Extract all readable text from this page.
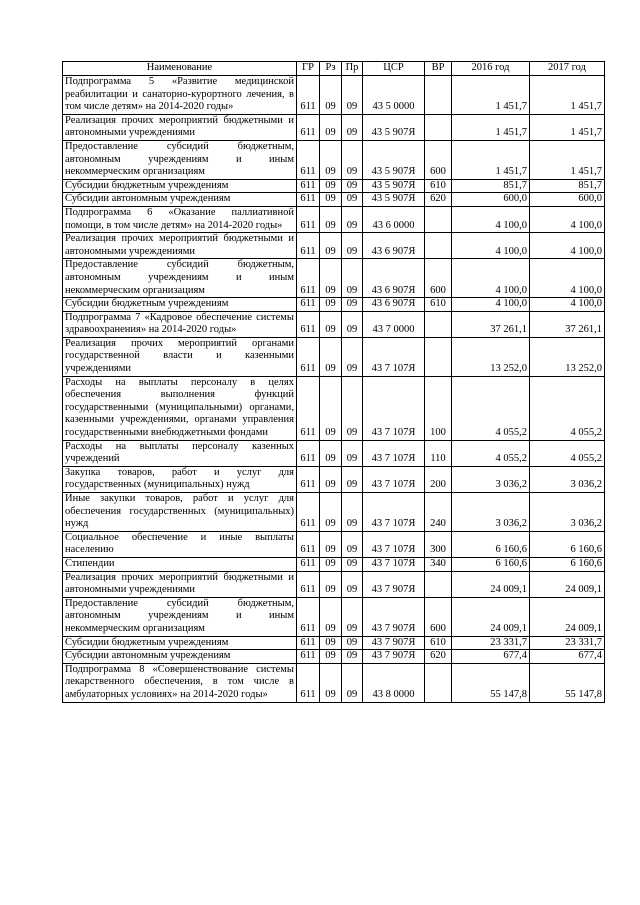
Наименование	ГР	Рз	Пр	ЦСР	ВР	2016 год	2017 год
Подпрограмма 5 «Развитие медицинской реабилитации и санаторно-курортного лечения, в том числе детям» на 2014-2020 годы»	611	09	09	43 5 0000		1 451,7	1 451,7
Реализация прочих мероприятий бюджетными и автономными учреждениями	611	09	09	43 5 907Я		1 451,7	1 451,7
Предоставление субсидий бюджетным, автономным учреждениям и иным некоммерческим организациям	611	09	09	43 5 907Я	600	1 451,7	1 451,7
Субсидии бюджетным учреждениям	611	09	09	43 5 907Я	610	851,7	851,7
Субсидии автономным учреждениям	611	09	09	43 5 907Я	620	600,0	600,0
Подпрограмма 6 «Оказание паллиативной помощи, в том числе детям» на 2014-2020 годы»	611	09	09	43 6 0000		4 100,0	4 100,0
Реализация прочих мероприятий бюджетными и автономными учреждениями	611	09	09	43 6 907Я		4 100,0	4 100,0
Предоставление субсидий бюджетным, автономным учреждениям и иным некоммерческим организациям	611	09	09	43 6 907Я	600	4 100,0	4 100,0
Субсидии бюджетным учреждениям	611	09	09	43 6 907Я	610	4 100,0	4 100,0
Подпрограмма 7 «Кадровое обеспечение системы здравоохранения» на 2014-2020 годы»	611	09	09	43 7 0000		37 261,1	37 261,1
Реализация прочих мероприятий органами государственной власти и казенными учреждениями	611	09	09	43 7 107Я		13 252,0	13 252,0
Расходы на выплаты персоналу в целях обеспечения выполнения функций государственными (муниципальными) органами, казенными учреждениями, органами управления государственными внебюджетными фондами	611	09	09	43 7 107Я	100	4 055,2	4 055,2
Расходы на выплаты персоналу казенных учреждений	611	09	09	43 7 107Я	110	4 055,2	4 055,2
Закупка товаров, работ и услуг для государственных (муниципальных) нужд	611	09	09	43 7 107Я	200	3 036,2	3 036,2
Иные закупки товаров, работ и услуг для обеспечения государственных (муниципальных) нужд	611	09	09	43 7 107Я	240	3 036,2	3 036,2
Социальное обеспечение и иные выплаты населению	611	09	09	43 7 107Я	300	6 160,6	6 160,6
Стипендии	611	09	09	43 7 107Я	340	6 160,6	6 160,6
Реализация прочих мероприятий бюджетными и автономными учреждениями	611	09	09	43 7 907Я		24 009,1	24 009,1
Предоставление субсидий бюджетным, автономным учреждениям и иным некоммерческим организациям	611	09	09	43 7 907Я	600	24 009,1	24 009,1
Субсидии бюджетным учреждениям	611	09	09	43 7 907Я	610	23 331,7	23 331,7
Субсидии автономным учреждениям	611	09	09	43 7 907Я	620	677,4	677,4
Подпрограмма 8 «Совершенствование системы лекарственного обеспечения, в том числе в амбулаторных условиях» на 2014-2020 годы»	611	09	09	43 8 0000		55 147,8	55 147,8
